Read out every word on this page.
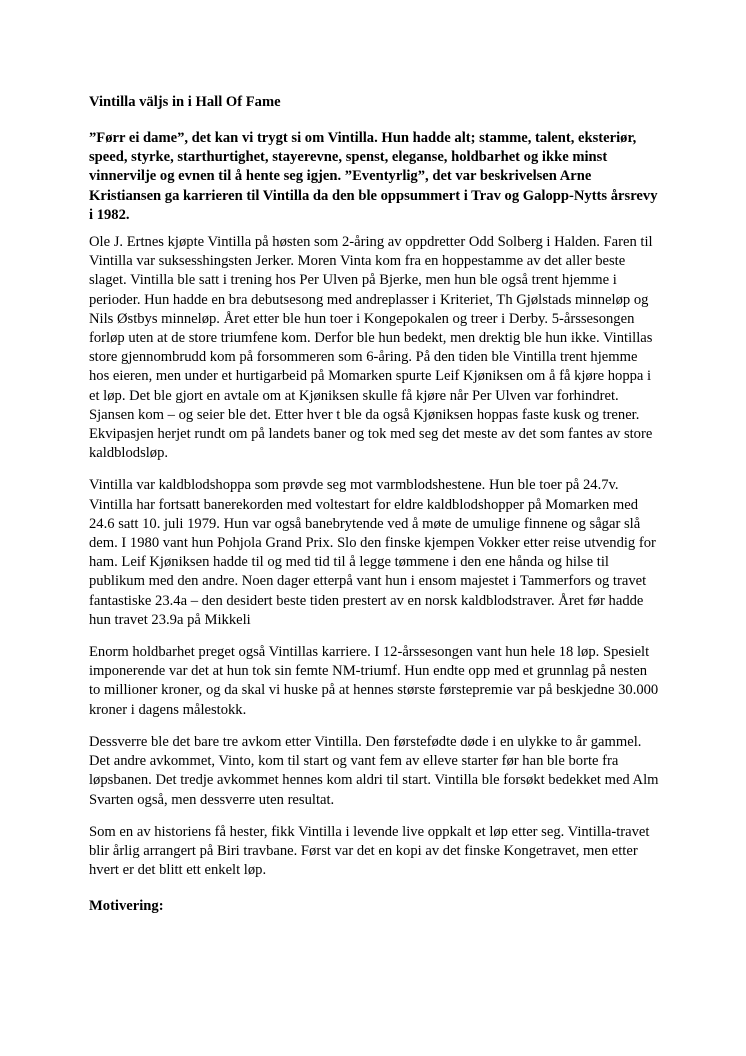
Vintilla väljs in i Hall Of Fame
”Førr ei dame”, det kan vi trygt si om Vintilla. Hun hadde alt; stamme, talent, eksteriør, speed, styrke, starthurtighet, stayerevne, spenst, eleganse, holdbarhet og ikke minst vinnervilje og evnen til å hente seg igjen. ”Eventyrlig”, det var beskrivelsen Arne Kristiansen ga karrieren til Vintilla da den ble oppsummert i Trav og Galopp-Nytts årsrevy i 1982.
Ole J. Ertnes kjøpte Vintilla på høsten som 2-åring av oppdretter Odd Solberg i Halden. Faren til Vintilla var suksesshingsten Jerker. Moren Vinta kom fra en hoppestamme av det aller beste slaget. Vintilla ble satt i trening hos Per Ulven på Bjerke, men hun ble også trent hjemme i perioder. Hun hadde en bra debutsesong med andreplasser i Kriteriet, Th Gjølstads minneløp og Nils Østbys minneløp. Året etter ble hun toer i Kongepokalen og treer i Derby. 5-årssesongen forløp uten at de store triumfene kom. Derfor ble hun bedekt, men drektig ble hun ikke. Vintillas store gjennombrudd kom på forsommeren som 6-åring. På den tiden ble Vintilla trent hjemme hos eieren, men under et hurtigarbeid på Momarken spurte Leif Kjøniksen om å få kjøre hoppa i et løp. Det ble gjort en avtale om at Kjøniksen skulle få kjøre når Per Ulven var forhindret. Sjansen kom – og seier ble det. Etter hver t ble da også Kjøniksen hoppas faste kusk og trener. Ekvipasjen herjet rundt om på landets baner og tok med seg det meste av det som fantes av store kaldblodsløp.
Vintilla var kaldblodshoppa som prøvde seg mot varmblodshestene. Hun ble toer på 24.7v. Vintilla har fortsatt banerekorden med voltestart for eldre kaldblodshopper på Momarken med 24.6 satt 10. juli 1979. Hun var også banebrytende ved å møte de umulige finnene og sågar slå dem. I 1980 vant hun Pohjola Grand Prix. Slo den finske kjempen Vokker etter reise utvendig for ham. Leif Kjøniksen hadde til og med tid til å legge tømmene i den ene hånda og hilse til publikum med den andre. Noen dager etterpå vant hun i ensom majestet i Tammerfors og travet fantastiske 23.4a – den desidert beste tiden prestert av en norsk kaldblodstraver. Året før hadde hun travet 23.9a på Mikkeli
Enorm holdbarhet preget også Vintillas karriere. I 12-årssesongen vant hun hele 18 løp. Spesielt imponerende var det at hun tok sin femte NM-triumf. Hun endte opp med et grunnlag på nesten to millioner kroner, og da skal vi huske på at hennes største førstepremie var på beskjedne 30.000 kroner i dagens målestokk.
Dessverre ble det bare tre avkom etter Vintilla. Den førstefødte døde i en ulykke to år gammel. Det andre avkommet, Vinto, kom til start og vant fem av elleve starter før han ble borte fra løpsbanen. Det tredje avkommet hennes kom aldri til start. Vintilla ble forsøkt bedekket med Alm Svarten også, men dessverre uten resultat.
Som en av historiens få hester, fikk Vintilla i levende live oppkalt et løp etter seg. Vintilla-travet blir årlig arrangert på Biri travbane. Først var det en kopi av det finske Kongetravet, men etter hvert er det blitt ett enkelt løp.
Motivering:
